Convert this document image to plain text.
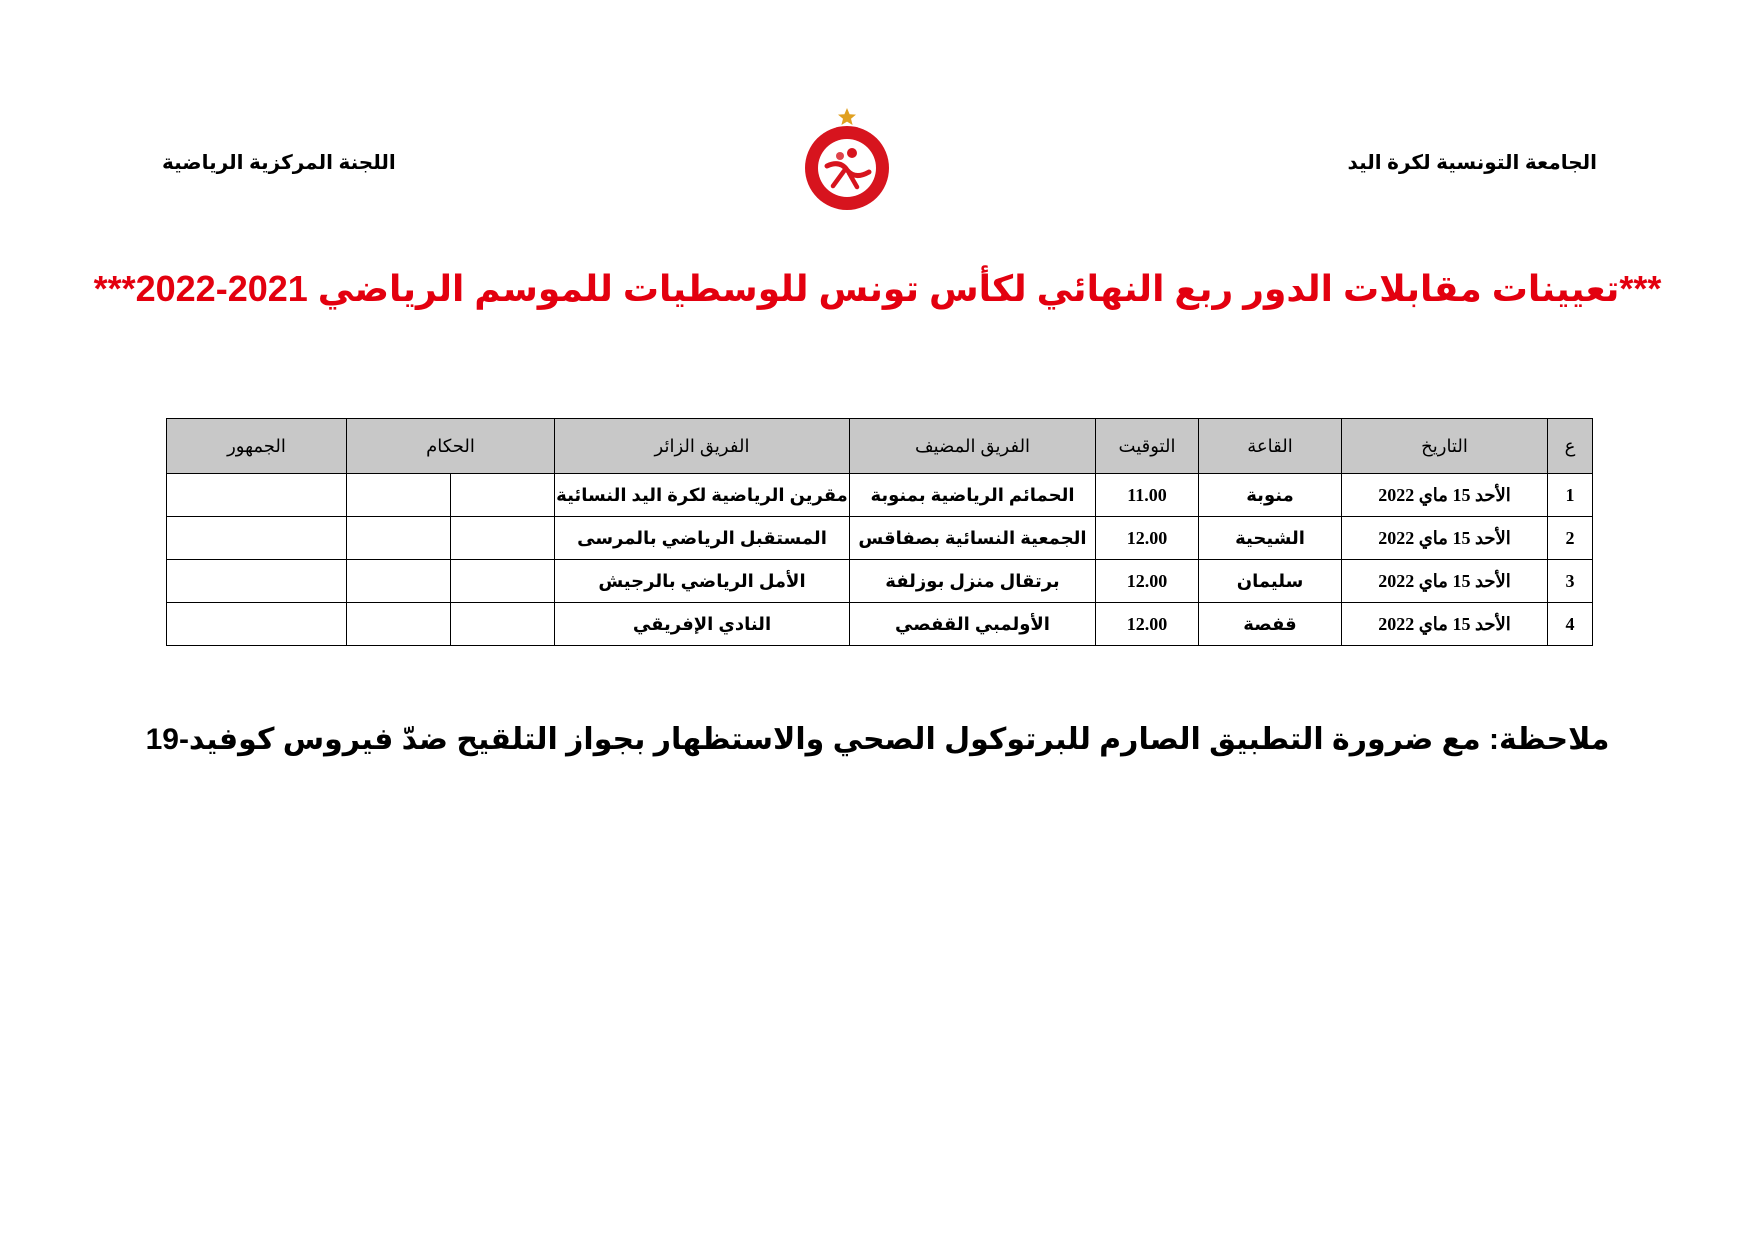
الجامعة التونسية لكرة اليد
اللجنة المركزية الرياضية
***تعيينات مقابلات الدور ربع النهائي لكأس تونس للوسطيات للموسم الرياضي 2021-2022***
ع	التاريخ	القاعة	التوقيت	الفريق المضيف	الفريق الزائر	الحكام		الجمهور
1	الأحد 15 ماي 2022	منوبة	11.00	الحمائم الرياضية بمنوبة	مقرين الرياضية لكرة اليد النسائية			
2	الأحد 15 ماي 2022	الشيحية	12.00	الجمعية النسائية بصفاقس	المستقبل الرياضي بالمرسى			
3	الأحد 15 ماي 2022	سليمان	12.00	برتقال منزل بوزلفة	الأمل الرياضي بالرجيش			
4	الأحد 15 ماي 2022	قفصة	12.00	الأولمبي القفصي	النادي الإفريقي			
ملاحظة: مع ضرورة التطبيق الصارم للبرتوكول الصحي والاستظهار بجواز التلقيح ضدّ فيروس كوفيد-19
